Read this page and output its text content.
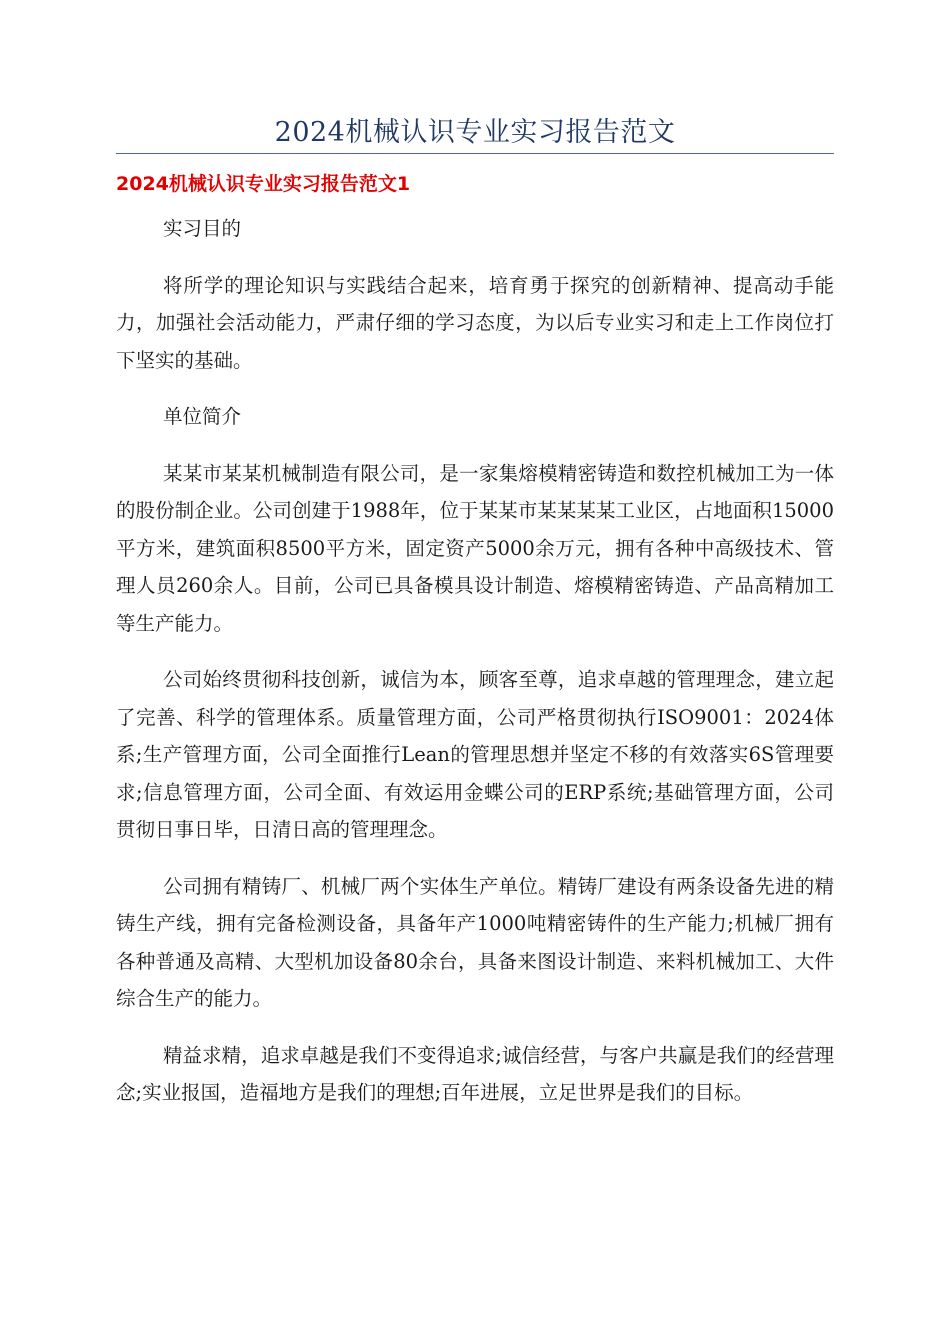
2024机械认识专业实习报告范文
2024机械认识专业实习报告范文1

实习目的

将所学的理论知识与实践结合起来，培育勇于探究的创新精神、提高动手能力，加强社会活动能力，严肃仔细的学习态度，为以后专业实习和走上工作岗位打下坚实的基础。

单位简介

某某市某某机械制造有限公司，是一家集熔模精密铸造和数控机械加工为一体的股份制企业。公司创建于1988年，位于某某市某某某某工业区，占地面积15000平方米，建筑面积8500平方米，固定资产5000余万元，拥有各种中高级技术、管理人员260余人。目前，公司已具备模具设计制造、熔模精密铸造、产品高精加工等生产能力。

公司始终贯彻科技创新，诚信为本，顾客至尊，追求卓越的管理理念，建立起了完善、科学的管理体系。质量管理方面，公司严格贯彻执行ISO9001：2024体系;生产管理方面，公司全面推行Lean的管理思想并坚定不移的有效落实6S管理要求;信息管理方面，公司全面、有效运用金蝶公司的ERP系统;基础管理方面，公司贯彻日事日毕，日清日高的管理理念。

公司拥有精铸厂、机械厂两个实体生产单位。精铸厂建设有两条设备先进的精铸生产线，拥有完备检测设备，具备年产1000吨精密铸件的生产能力;机械厂拥有各种普通及高精、大型机加设备80余台，具备来图设计制造、来料机械加工、大件综合生产的能力。

精益求精，追求卓越是我们不变得追求;诚信经营，与客户共赢是我们的经营理念;实业报国，造福地方是我们的理想;百年进展，立足世界是我们的目标。
